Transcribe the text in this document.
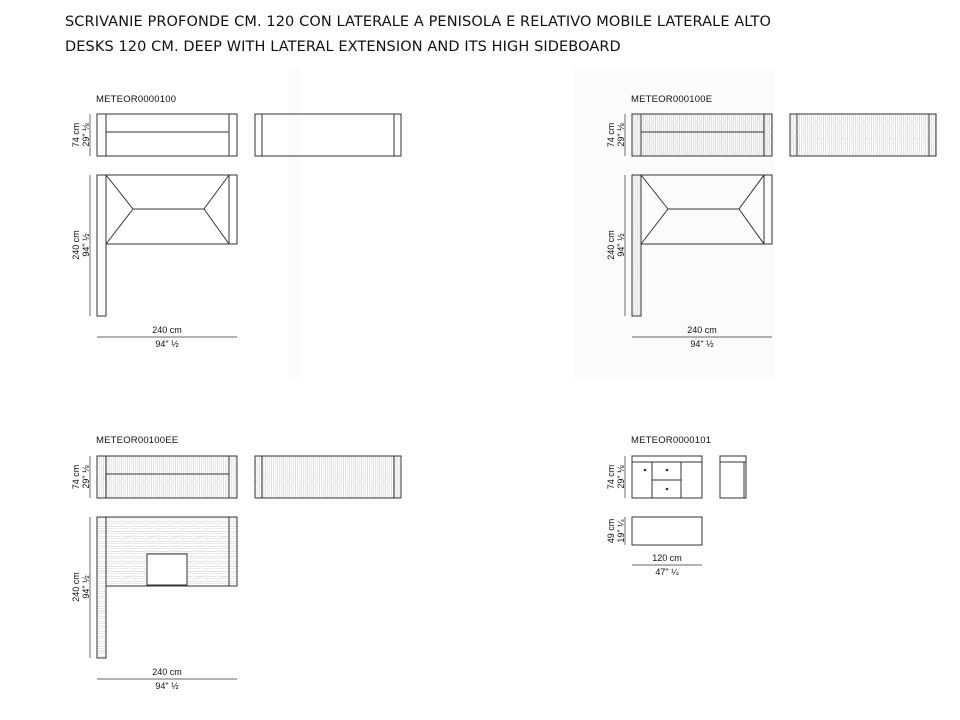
SCRIVANIE PROFONDE CM. 120 CON LATERALE A PENISOLA E RELATIVO MOBILE LATERALE ALTO
DESKS 120 CM. DEEP WITH LATERAL EXTENSION AND ITS HIGH SIDEBOARD
METEOR0000100	METEOR000100E
METEOR00100EE	METEOR0000101
74 cm
29" ⅛
240 cm
94" ½
240 cm
94" ½
74 cm
29" ⅛
240 cm
94" ½
240 cm
94" ½
74 cm
29" ⅛
240 cm
94" ½
240 cm
94" ½
74 cm
29" ⅛
49 cm
19" ¼
120 cm
47" ¼
